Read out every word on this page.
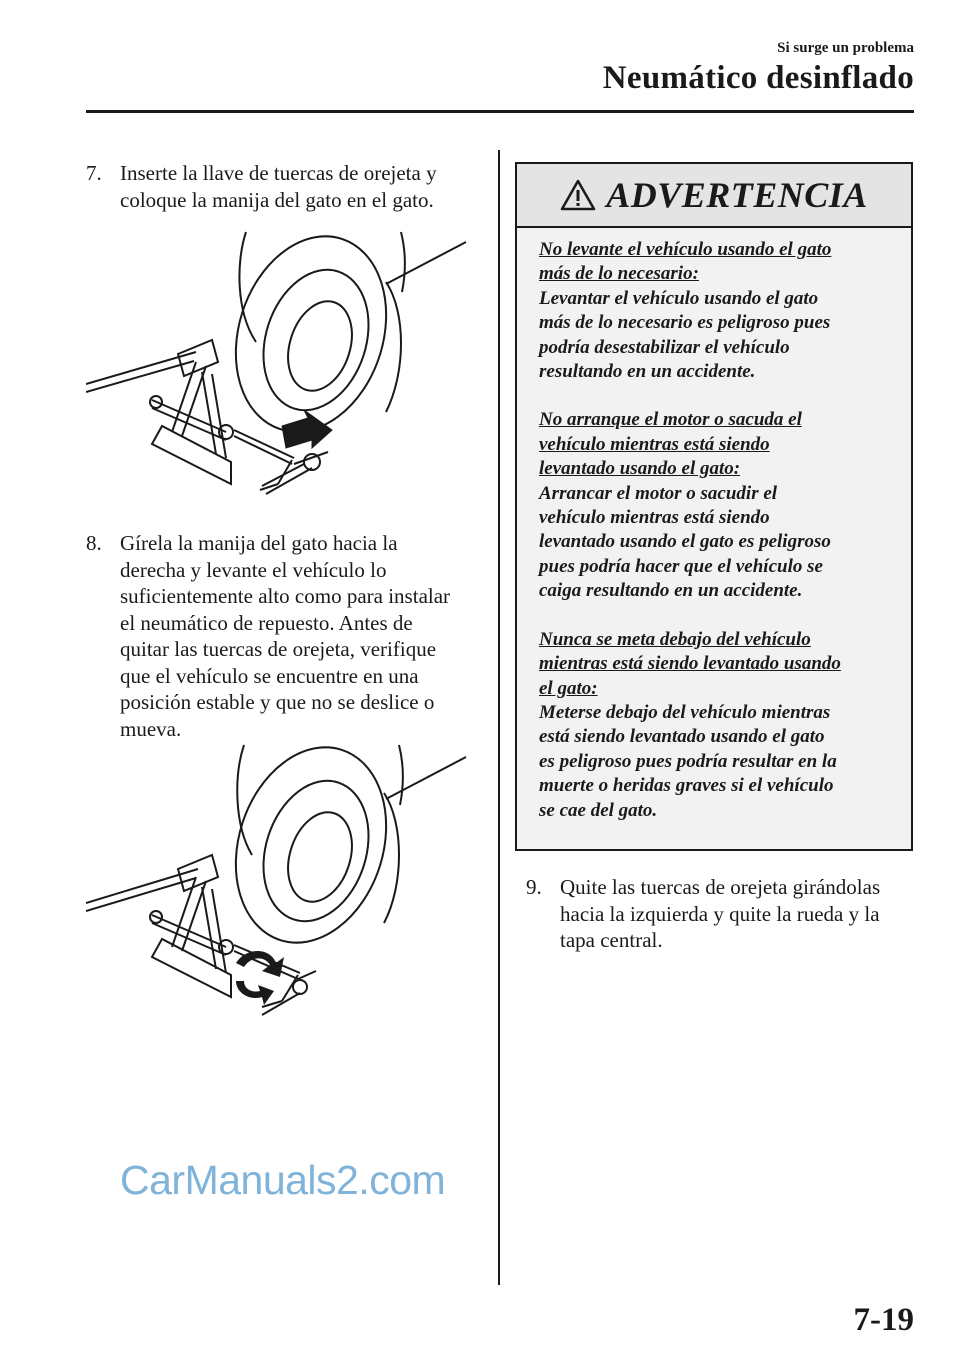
Si surge un problema
Neumático desinflado
7. Inserte la llave de tuercas de orejeta y
coloque la manija del gato en el gato.
8. Gírela la manija del gato hacia la
derecha y levante el vehículo lo
suficientemente alto como para instalar
el neumático de repuesto. Antes de
quitar las tuercas de orejeta, verifique
que el vehículo se encuentre en una
posición estable y que no se deslice o
mueva.
ADVERTENCIA

No levante el vehículo usando el gato
más de lo necesario:
Levantar el vehículo usando el gato
más de lo necesario es peligroso pues
podría desestabilizar el vehículo
resultando en un accidente.

No arranque el motor o sacuda el
vehículo mientras está siendo
levantado usando el gato:
Arrancar el motor o sacudir el
vehículo mientras está siendo
levantado usando el gato es peligroso
pues podría hacer que el vehículo se
caiga resultando en un accidente.

Nunca se meta debajo del vehículo
mientras está siendo levantado usando
el gato:
Meterse debajo del vehículo mientras
está siendo levantado usando el gato
es peligroso pues podría resultar en la
muerte o heridas graves si el vehículo
se cae del gato.

9. Quite las tuercas de orejeta girándolas
hacia la izquierda y quite la rueda y la
tapa central.
CarManuals2.com
7-19
